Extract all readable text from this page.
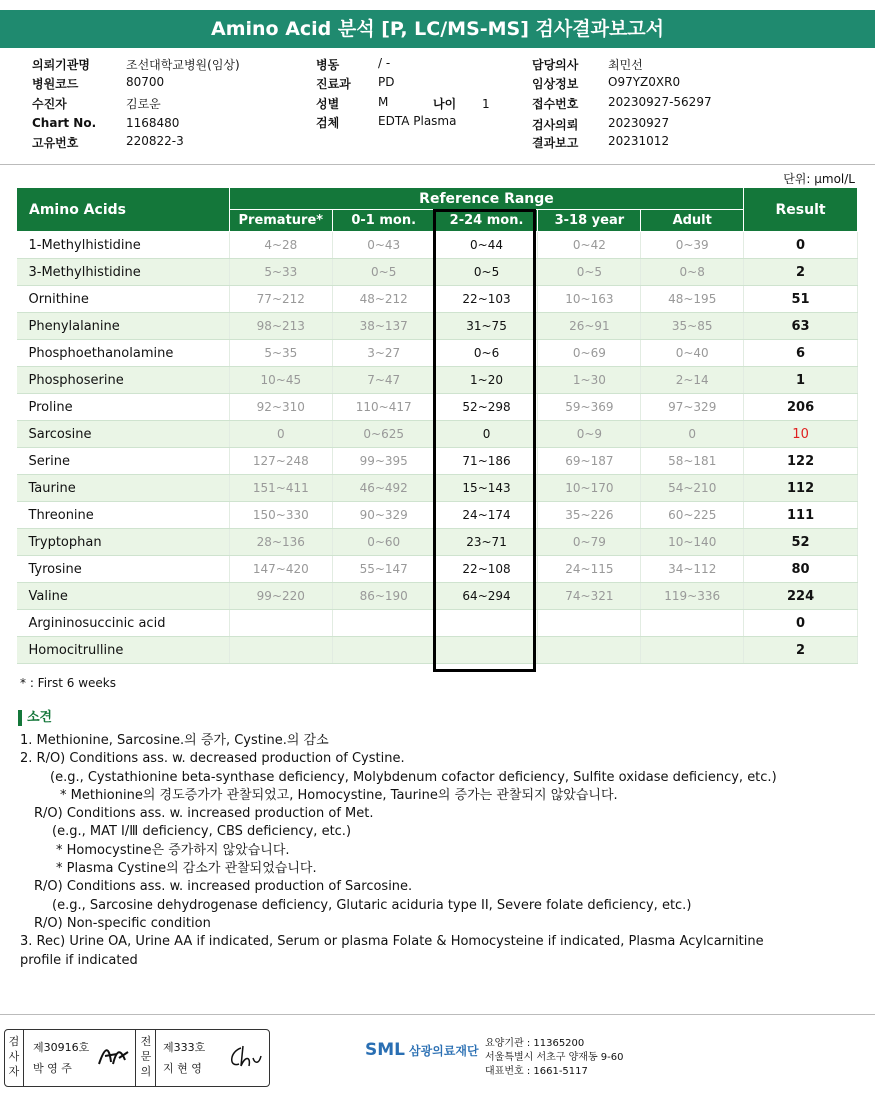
Amino Acid 분석 [P, LC/MS-MS] 검사결과보고서
의뢰기관명	조선대학교병원(임상)
병원코드	80700
수진자	김로운
Chart No. 1168480
고유번호	220822-3
병동	/ -
진료과 PD
성별	M
검체	EDTA Plasma
담당의사 최민선
임상정보 O97YZ0XR0
접수번호 20230927-56297
검사의뢰 20230927
결과보고 20231012
나이 1
단위: μmol/L
Amino Acids	Reference Range					Result
	Premature*	0-1 mon.	2-24 mon.	3-18 year	Adult	
1-Methylhistidine	4~28	0~43	0~44	0~42	0~39	0
3-Methylhistidine	5~33	0~5	0~5	0~5	0~8	2
Ornithine	77~212	48~212	22~103	10~163	48~195	51
Phenylalanine	98~213	38~137	31~75	26~91	35~85	63
Phosphoethanolamine	5~35	3~27	0~6	0~69	0~40	6
Phosphoserine	10~45	7~47	1~20	1~30	2~14	1
Proline	92~310	110~417	52~298	59~369	97~329	206
Sarcosine	0	0~625	0	0~9	0	10
Serine	127~248	99~395	71~186	69~187	58~181	122
Taurine	151~411	46~492	15~143	10~170	54~210	112
Threonine	150~330	90~329	24~174	35~226	60~225	111
Tryptophan	28~136	0~60	23~71	0~79	10~140	52
Tyrosine	147~420	55~147	22~108	24~115	34~112	80
Valine	99~220	86~190	64~294	74~321	119~336	224
Argininosuccinic acid						0
Homocitrulline						2
* : First 6 weeks
소견
1. Methionine, Sarcosine.의 증가, Cystine.의 감소
2. R/O) Conditions ass. w. decreased production of Cystine.
(e.g., Cystathionine beta-synthase deficiency, Molybdenum cofactor deficiency, Sulfite oxidase deficiency, etc.)
* Methionine의 경도증가가 관찰되었고, Homocystine, Taurine의 증가는 관찰되지 않았습니다.
R/O) Conditions ass. w. increased production of Met.
(e.g., MAT Ⅰ/Ⅲ deficiency, CBS deficiency, etc.)
* Homocystine은 증가하지 않았습니다.
* Plasma Cystine의 감소가 관찰되었습니다.
R/O) Conditions ass. w. increased production of Sarcosine.
(e.g., Sarcosine dehydrogenase deficiency, Glutaric aciduria type II, Severe folate deficiency, etc.)
R/O) Non-specific condition
3. Rec) Urine OA, Urine AA if indicated, Serum or plasma Folate & Homocysteine if indicated, Plasma Acylcarnitine
profile if indicated
검
사
자
제30916호
박 영 주
전
문
의
제333호
지 현 영
SML 삼광의료재단
요양기관 : 11365200
서울특별시 서초구 양재동 9-60
대표번호 : 1661-5117
